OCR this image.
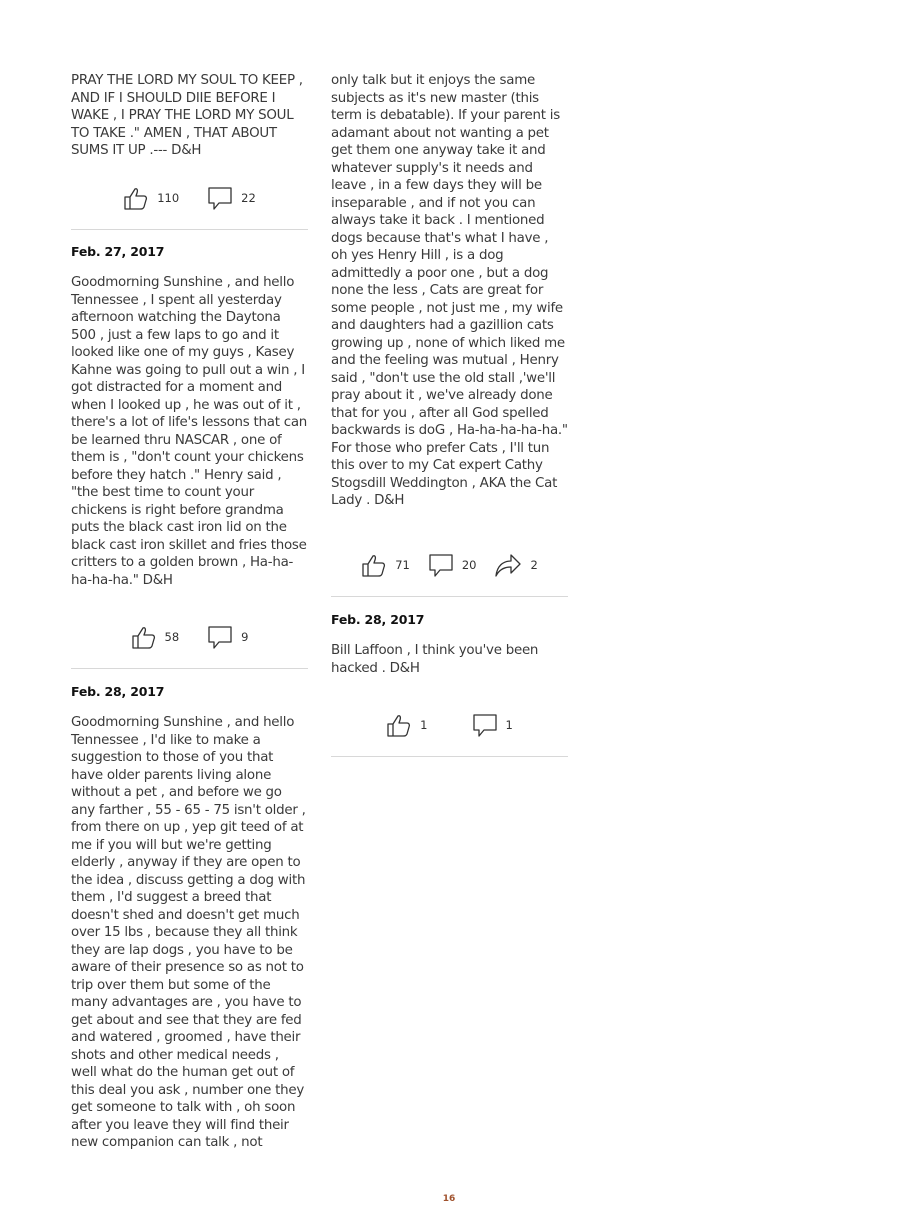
PRAY THE LORD MY SOUL TO KEEP , AND IF I SHOULD DIIE BEFORE I WAKE , I PRAY THE LORD MY SOUL TO TAKE ." AMEN , THAT ABOUT SUMS IT UP .--- D&H

110	22

Feb. 27, 2017

Goodmorning Sunshine , and hello Tennessee , I spent all yesterday afternoon watching the Daytona 500 , just a few laps to go and it looked like one of my guys , Kasey Kahne was going to pull out a win , I got distracted for a moment and when I looked up , he was out of it , there's a lot of life's lessons that can be learned thru NASCAR , one of them is , "don't count your chickens before they hatch ." Henry said , "the best time to count your chickens is right before grandma puts the black cast iron lid on the black cast iron skillet and fries those critters to a golden brown , Ha-ha-ha-ha-ha." D&H

58	9

Feb. 28, 2017

Goodmorning Sunshine , and hello Tennessee , I'd like to make a suggestion to those of you that have older parents living alone without a pet , and before we go any farther , 55 - 65 - 75 isn't older , from there on up , yep git teed of at me if you will but we're getting elderly , anyway if they are open to the idea , discuss getting a dog with them , I'd suggest a breed that doesn't shed and doesn't get much over 15 lbs , because they all think they are lap dogs , you have to be aware of their presence so as not to trip over them but some of the many advantages are , you have to get about and see that they are fed and watered , groomed , have their shots and other medical needs , well what do the human get out of this deal you ask , number one they get someone to talk with , oh soon after you leave they will find their new companion can talk , not

only talk but it enjoys the same subjects as it's new master (this term is debatable). If your parent is adamant about not wanting a pet get them one anyway take it and whatever supply's it needs and leave , in a few days they will be inseparable , and if not you can always take it back . I mentioned dogs because that's what I have , oh yes Henry Hill , is a dog admittedly a poor one , but a dog none the less , Cats are great for some people , not just me , my wife and daughters had a gazillion cats growing up , none of which liked me and the feeling was mutual , Henry said , "don't use the old stall ,'we'll pray about it , we've already done that for you , after all God spelled backwards is doG , Ha-ha-ha-ha-ha." For those who prefer Cats , I'll tun this over to my Cat expert Cathy Stogsdill Weddington , AKA the Cat Lady . D&H

71	20	2

Feb. 28, 2017

Bill Laffoon , I think you've been hacked . D&H

1	1
16
